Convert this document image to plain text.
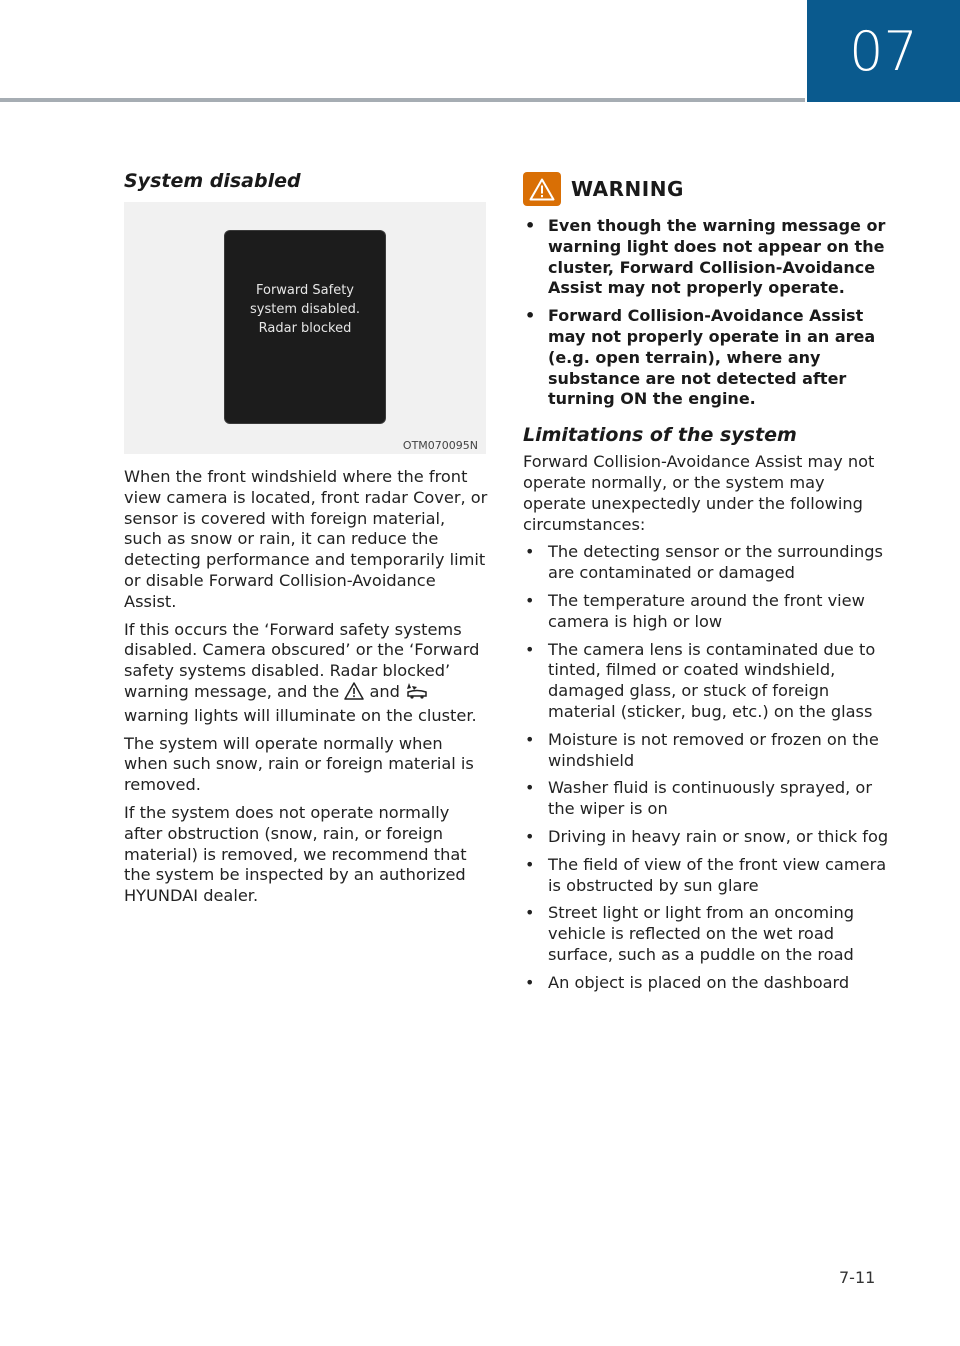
07
System disabled
Forward Safety
system disabled.
Radar blocked
OTM070095N

When the front windshield where the front view camera is located, front radar Cover, or sensor is covered with foreign material, such as snow or rain, it can reduce the detecting performance and temporarily limit or disable Forward Collision-Avoidance Assist.

If this occurs the ‘Forward safety systems disabled. Camera obscured’ or the ‘Forward safety systems disabled. Radar blocked’ warning message, and the and  warning lights will illuminate on the cluster.

The system will operate normally when when such snow, rain or foreign material is removed.

If the system does not operate normally after obstruction (snow, rain, or foreign material) is removed, we recommend that the system be inspected by an authorized HYUNDAI dealer.

WARNING
• Even though the warning message or warning light does not appear on the cluster, Forward Collision-Avoidance Assist may not properly operate.
• Forward Collision-Avoidance Assist may not properly operate in an area (e.g. open terrain), where any substance are not detected after turning ON the engine.
Limitations of the system

Forward Collision-Avoidance Assist may not operate normally, or the system may operate unexpectedly under the following circumstances:

• The detecting sensor or the surroundings are contaminated or damaged
• The temperature around the front view camera is high or low
• The camera lens is contaminated due to tinted, filmed or coated windshield, damaged glass, or stuck of foreign material (sticker, bug, etc.) on the glass
• Moisture is not removed or frozen on the windshield
• Washer fluid is continuously sprayed, or the wiper is on
• Driving in heavy rain or snow, or thick fog
• The field of view of the front view camera is obstructed by sun glare
• Street light or light from an oncoming vehicle is reflected on the wet road surface, such as a puddle on the road
• An object is placed on the dashboard
7-11
